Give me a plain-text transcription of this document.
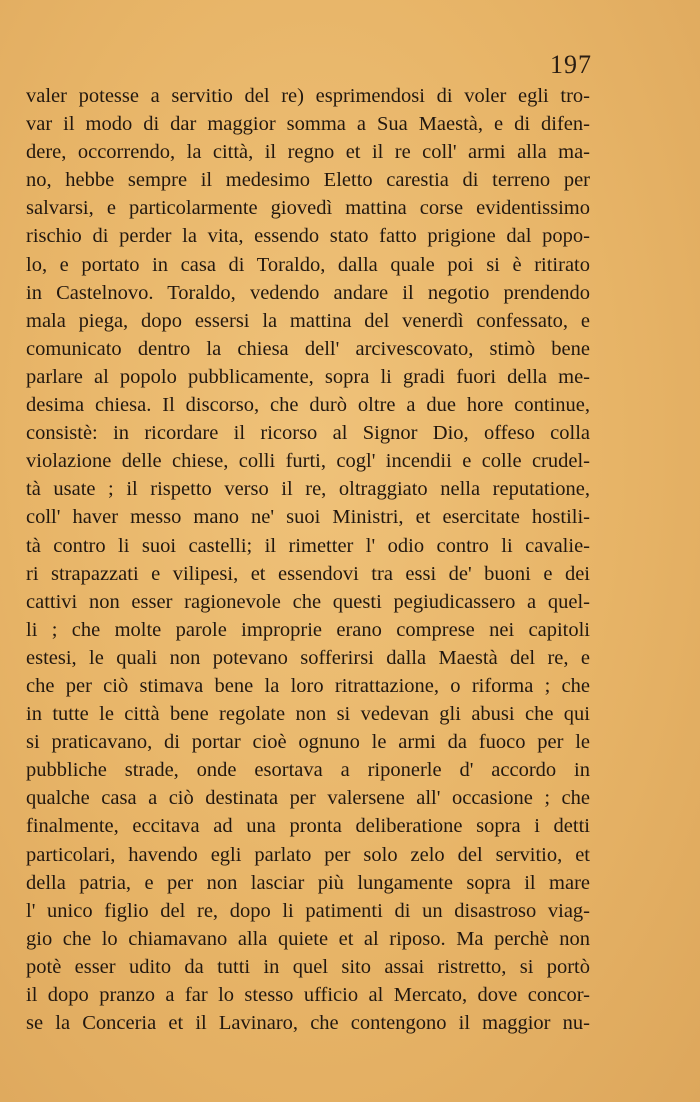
197
valer potesse a servitio del re) esprimendosi di voler egli tro-
var il modo di dar maggior somma a Sua Maestà, e di difen-
dere, occorrendo, la città, il regno et il re coll' armi alla ma-
no, hebbe sempre il medesimo Eletto carestia di terreno per
salvarsi, e particolarmente giovedì mattina corse evidentissimo
rischio di perder la vita, essendo stato fatto prigione dal popo-
lo, e portato in casa di Toraldo, dalla quale poi si è ritirato
in Castelnovo. Toraldo, vedendo andare il negotio prendendo
mala piega, dopo essersi la mattina del venerdì confessato, e
comunicato dentro la chiesa dell' arcivescovato, stimò bene
parlare al popolo pubblicamente, sopra li gradi fuori della me-
desima chiesa. Il discorso, che durò oltre a due hore continue,
consistè: in ricordare il ricorso al Signor Dio, offeso colla
violazione delle chiese, colli furti, cogl' incendii e colle crudel-
tà usate ; il rispetto verso il re, oltraggiato nella reputatione,
coll' haver messo mano ne' suoi Ministri, et esercitate hostili-
tà contro li suoi castelli; il rimetter l' odio contro li cavalie-
ri strapazzati e vilipesi, et essendovi tra essi de' buoni e dei
cattivi non esser ragionevole che questi pegiudicassero a quel-
li ; che molte parole improprie erano comprese nei capitoli
estesi, le quali non potevano sofferirsi dalla Maestà del re, e
che per ciò stimava bene la loro ritrattazione, o riforma ; che
in tutte le città bene regolate non si vedevan gli abusi che qui
si praticavano, di portar cioè ognuno le armi da fuoco per le
pubbliche strade, onde esortava a riponerle d' accordo in
qualche casa a ciò destinata per valersene all' occasione ; che
finalmente, eccitava ad una pronta deliberatione sopra i detti
particolari, havendo egli parlato per solo zelo del servitio, et
della patria, e per non lasciar più lungamente sopra il mare
l' unico figlio del re, dopo li patimenti di un disastroso viag-
gio che lo chiamavano alla quiete et al riposo. Ma perchè non
potè esser udito da tutti in quel sito assai ristretto, si portò
il dopo pranzo a far lo stesso ufficio al Mercato, dove concor-
se la Conceria et il Lavinaro, che contengono il maggior nu-
